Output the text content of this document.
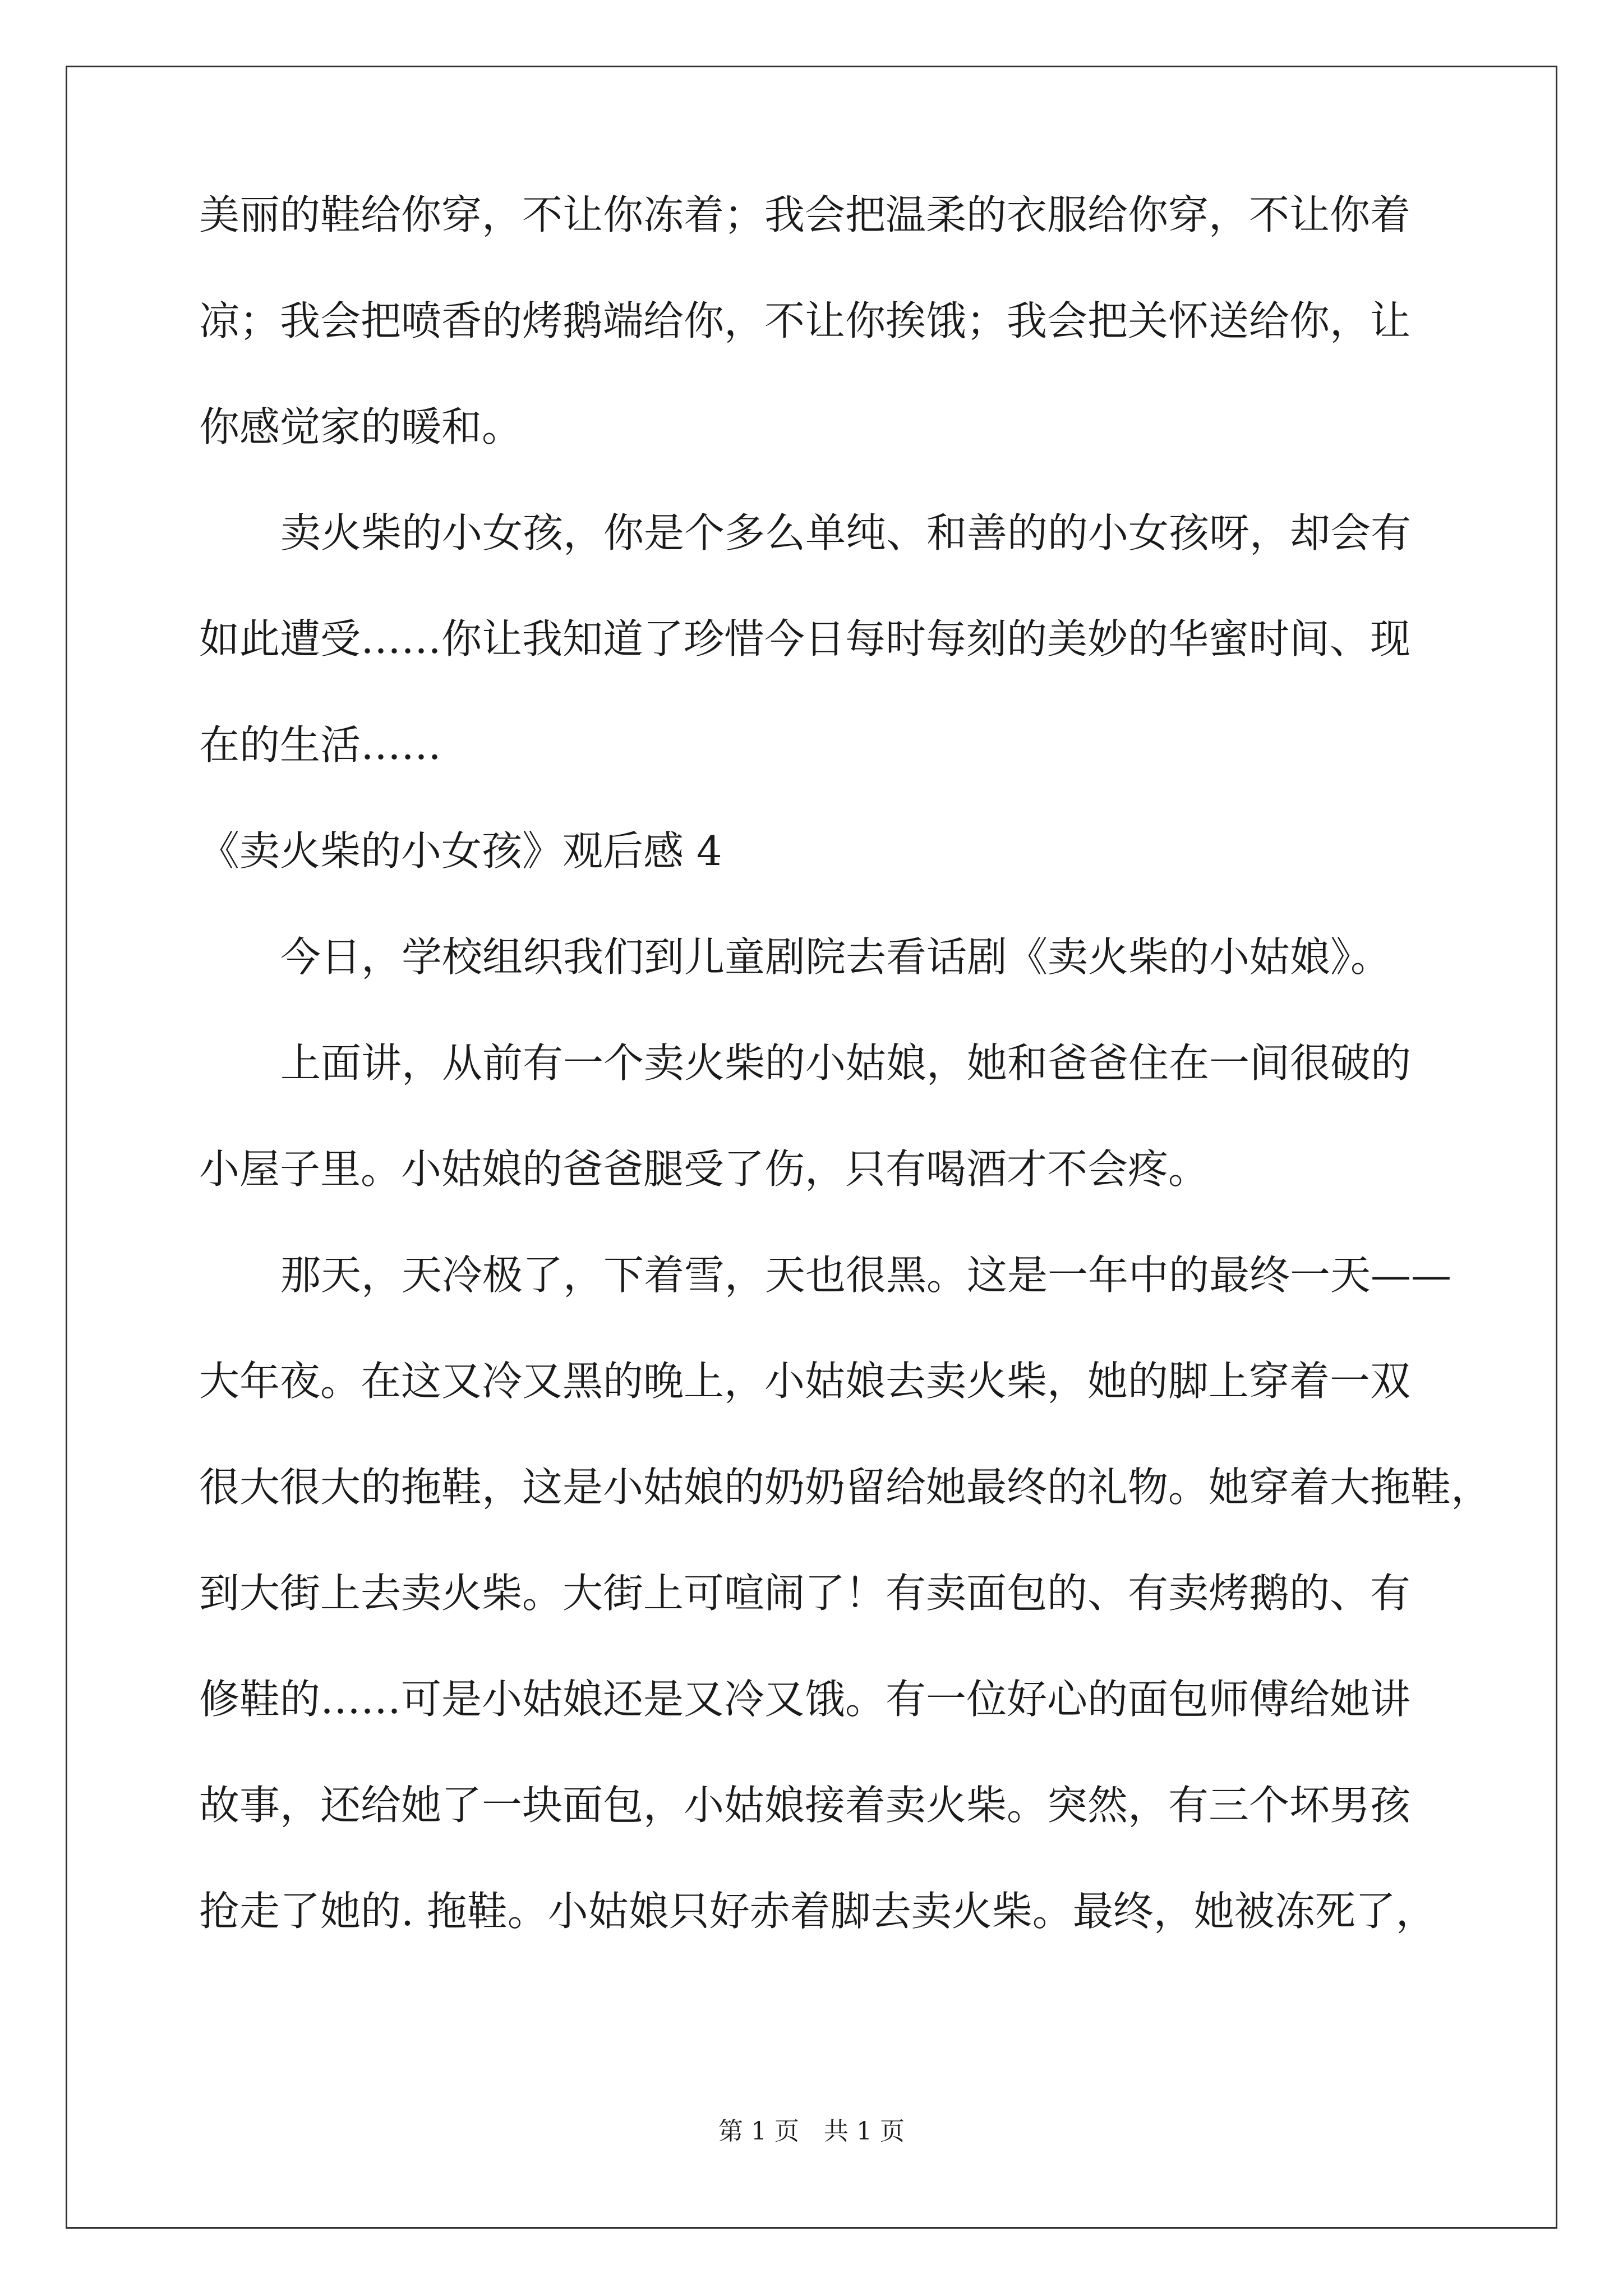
美丽的鞋给你穿，不让你冻着；我会把温柔的衣服给你穿，不让你着
凉；我会把喷香的烤鹅端给你，不让你挨饿；我会把关怀送给你，让
你感觉家的暖和。
卖火柴的小女孩，你是个多么单纯、和善的的小女孩呀，却会有
如此遭受……你让我知道了珍惜今日每时每刻的美妙的华蜜时间、现
在的生活……
《卖火柴的小女孩》观后感 4
今日，学校组织我们到儿童剧院去看话剧《卖火柴的小姑娘》。
上面讲，从前有一个卖火柴的小姑娘，她和爸爸住在一间很破的
小屋子里。小姑娘的爸爸腿受了伤，只有喝酒才不会疼。
那天，天冷极了，下着雪，天也很黑。这是一年中的最终一天——
大年夜。在这又冷又黑的晚上，小姑娘去卖火柴，她的脚上穿着一双
很大很大的拖鞋，这是小姑娘的奶奶留给她最终的礼物。她穿着大拖鞋，
到大街上去卖火柴。大街上可喧闹了！有卖面包的、有卖烤鹅的、有
修鞋的……可是小姑娘还是又冷又饿。有一位好心的面包师傅给她讲
故事，还给她了一块面包，小姑娘接着卖火柴。突然，有三个坏男孩
抢走了她的. 拖鞋。小姑娘只好赤着脚去卖火柴。最终，她被冻死了，
第 1 页　共 1 页
